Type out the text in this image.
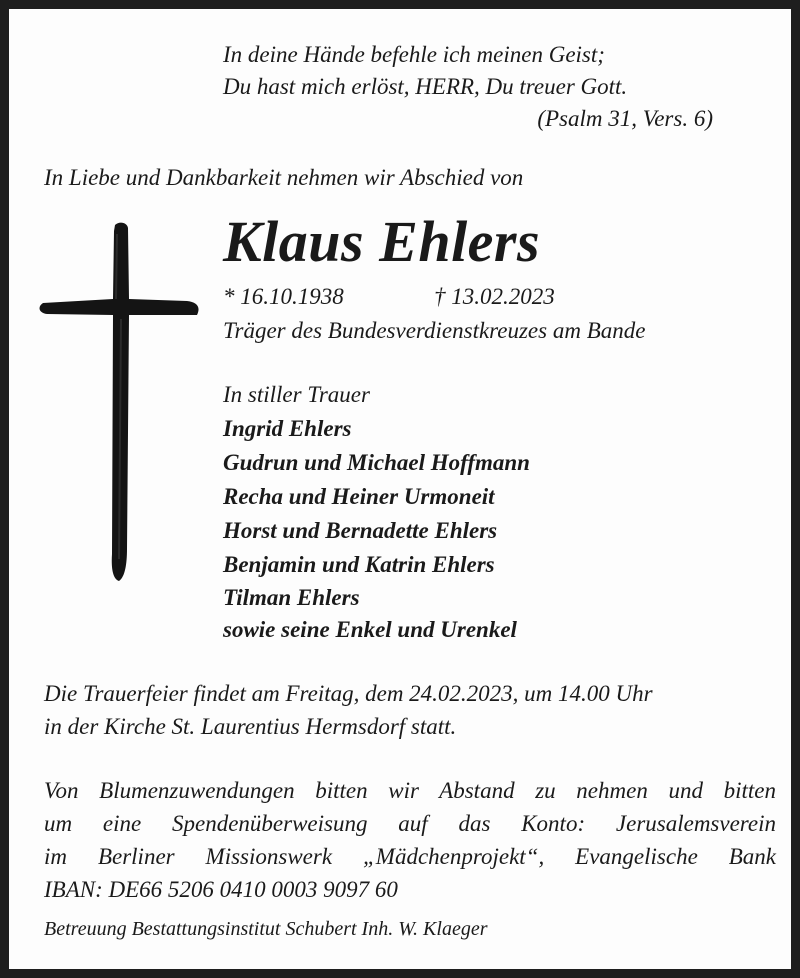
In deine Hände befehle ich meinen Geist;
Du hast mich erlöst, HERR, Du treuer Gott.
(Psalm 31, Vers. 6)
In Liebe und Dankbarkeit nehmen wir Abschied von
Klaus Ehlers
* 16.10.1938	† 13.02.2023
Träger des Bundesverdienstkreuzes am Bande
In stiller Trauer
Ingrid Ehlers
Gudrun und Michael Hoffmann
Recha und Heiner Urmoneit
Horst und Bernadette Ehlers
Benjamin und Katrin Ehlers
Tilman Ehlers
sowie seine Enkel und Urenkel
Die Trauerfeier findet am Freitag, dem 24.02.2023, um 14.00 Uhr
in der Kirche St. Laurentius Hermsdorf statt.
Von Blumenzuwendungen bitten wir Abstand zu nehmen und bitten
um eine Spendenüberweisung auf das Konto: Jerusalemsverein
im Berliner Missionswerk „Mädchenprojekt“, Evangelische Bank
IBAN: DE66 5206 0410 0003 9097 60
Betreuung Bestattungsinstitut Schubert Inh. W. Klaeger
